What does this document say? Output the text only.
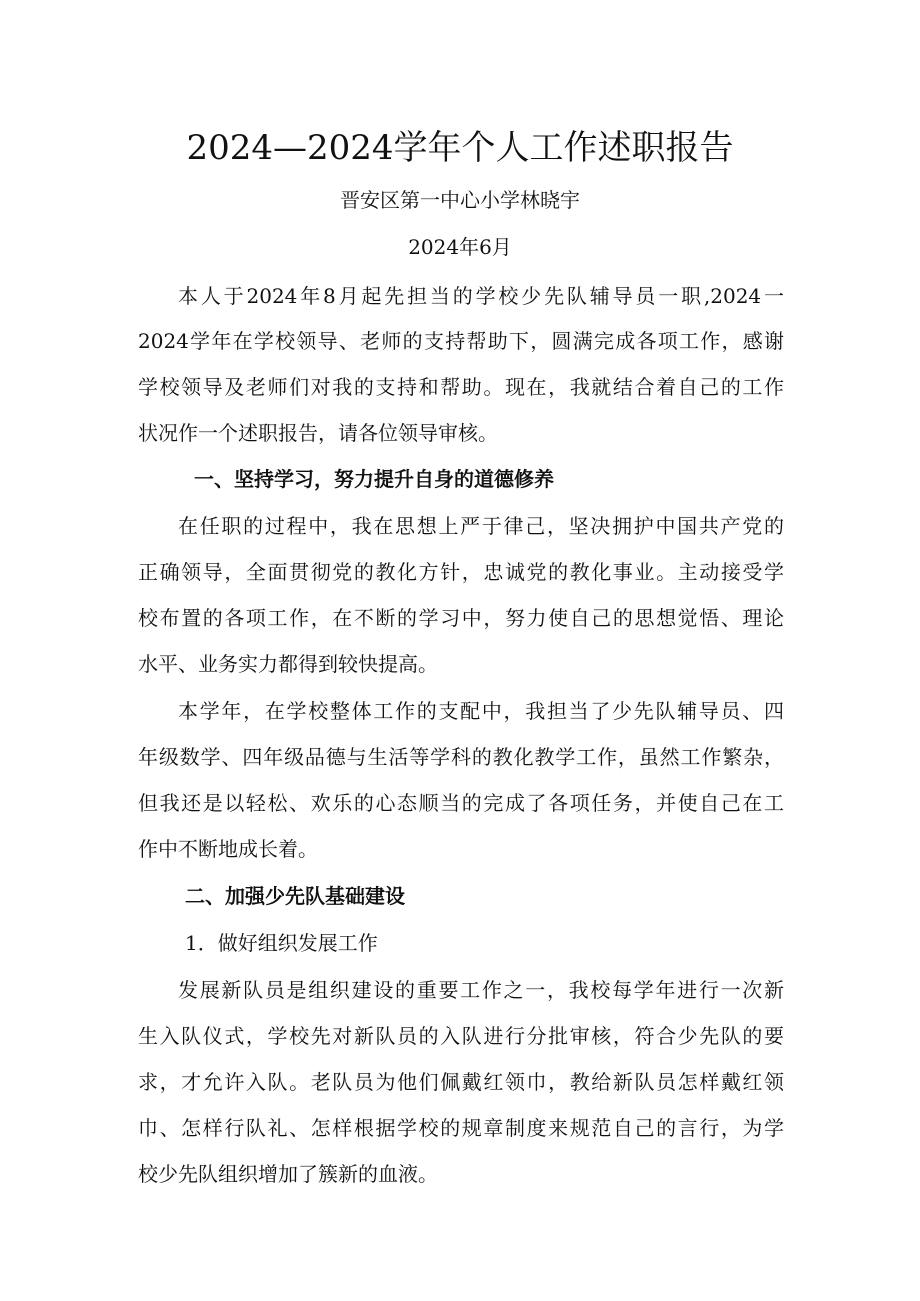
2024—2024学年个人工作述职报告
晋安区第一中心小学林晓宇
2024年6月
本人于2024年8月起先担当的学校少先队辅导员一职,2024一
2024学年在学校领导、老师的支持帮助下，圆满完成各项工作，感谢
学校领导及老师们对我的支持和帮助。现在，我就结合着自己的工作
状况作一个述职报告，请各位领导审核。
一、坚持学习，努力提升自身的道德修养
在任职的过程中，我在思想上严于律己，坚决拥护中国共产党的
正确领导，全面贯彻党的教化方针，忠诚党的教化事业。主动接受学
校布置的各项工作，在不断的学习中，努力使自己的思想觉悟、理论
水平、业务实力都得到较快提高。
本学年，在学校整体工作的支配中，我担当了少先队辅导员、四
年级数学、四年级品德与生活等学科的教化教学工作，虽然工作繁杂，
但我还是以轻松、欢乐的心态顺当的完成了各项任务，并使自己在工
作中不断地成长着。
二、加强少先队基础建设
1．做好组织发展工作
发展新队员是组织建设的重要工作之一，我校每学年进行一次新
生入队仪式，学校先对新队员的入队进行分批审核，符合少先队的要
求，才允许入队。老队员为他们佩戴红领巾，教给新队员怎样戴红领
巾、怎样行队礼、怎样根据学校的规章制度来规范自己的言行，为学
校少先队组织增加了簇新的血液。
